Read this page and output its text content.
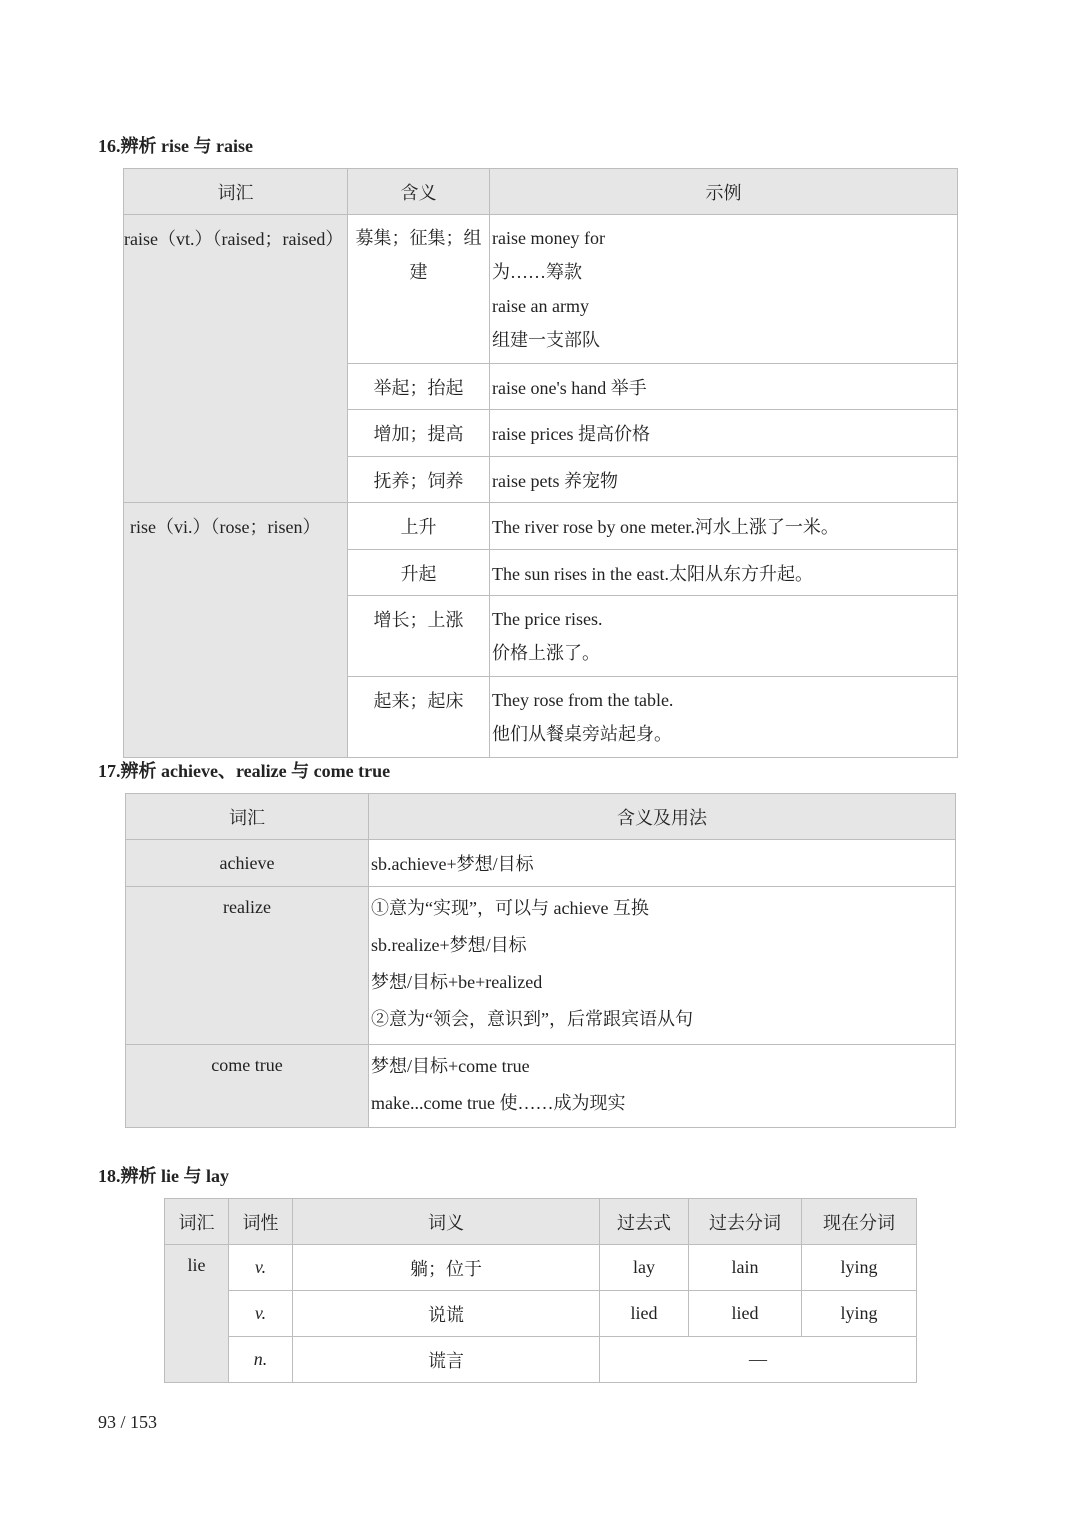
16.辨析 rise 与 raise
词汇	含义	示例
raise（vt.）（raised；raised）	募集；征集；组建	raise money for
为……筹款
raise an army
组建一支部队

	举起；抬起	raise one's hand 举手
	增加；提高	raise prices 提高价格
	抚养；饲养	raise pets 养宠物
rise（vi.）（rose；risen）	上升	The river rose by one meter.河水上涨了一米。
	升起	The sun rises in the east.太阳从东方升起。
	增长；上涨	The price rises.
价格上涨了。

	起来；起床	They rose from the table.
他们从餐桌旁站起身。
17.辨析 achieve、realize 与 come true
词汇	含义及用法
achieve	sb.achieve+梦想/目标
realize	①意为“实现”，可以与 achieve 互换
sb.realize+梦想/目标
梦想/目标+be+realized
②意为“领会，意识到”，后常跟宾语从句

come true	梦想/目标+come true
make...come true 使……成为现实
18.辨析 lie 与 lay
词汇	词性	词义	过去式	过去分词	现在分词
lie	v.	躺；位于	lay	lain	lying
	v.	说谎	lied	lied	lying
	n.	谎言	—		
93 / 153
